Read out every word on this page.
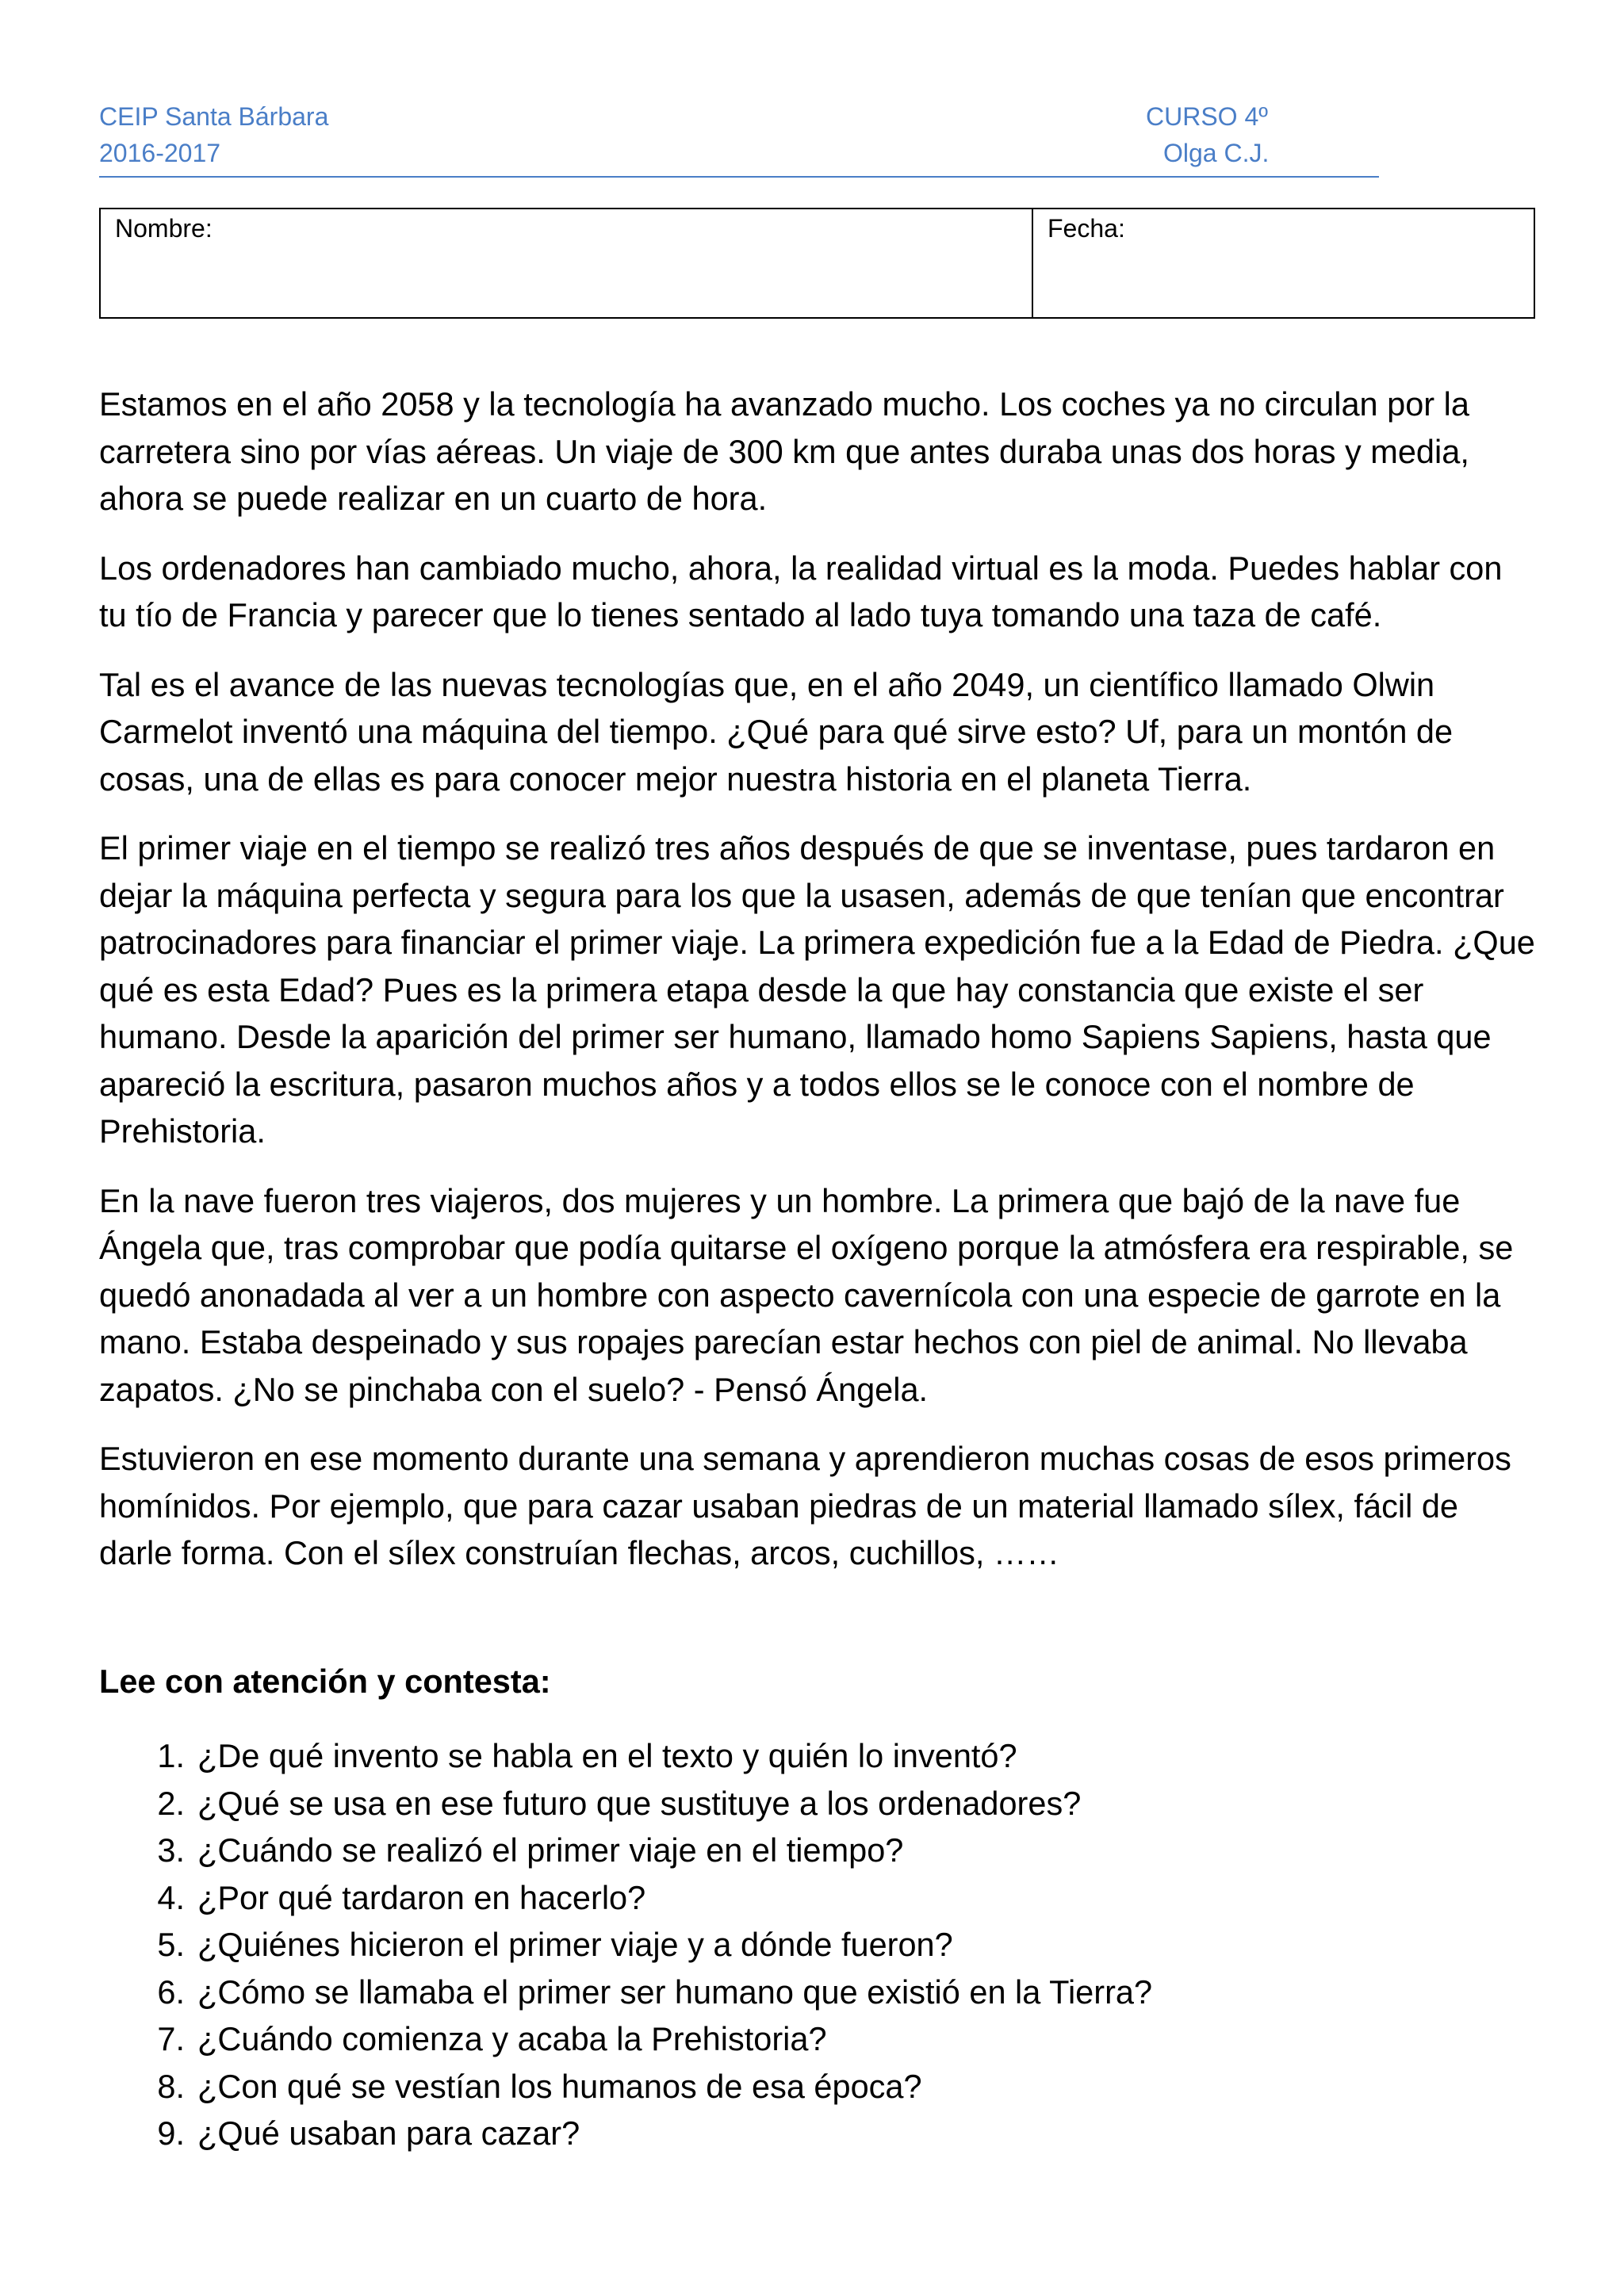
CEIP Santa Bárbara
2016-2017
CURSO 4º
Olga C.J.
Nombre:	Fecha:

Estamos en el año 2058 y la tecnología ha avanzado mucho. Los coches ya no circulan por la carretera sino por vías aéreas. Un viaje de 300 km que antes duraba unas dos horas y media, ahora se puede realizar en un cuarto de hora.

Los ordenadores han cambiado mucho, ahora, la realidad virtual es la moda. Puedes hablar con tu tío de Francia y parecer que lo tienes sentado al lado tuya tomando una taza de café.

Tal es el avance de las nuevas tecnologías que, en el año 2049, un científico llamado Olwin Carmelot inventó una máquina del tiempo. ¿Qué para qué sirve esto? Uf, para un montón de cosas, una de ellas es para conocer mejor nuestra historia en el planeta Tierra.

El primer viaje en el tiempo se realizó tres años después de que se inventase, pues tardaron en dejar la máquina perfecta y segura para los que la usasen, además de que tenían que encontrar patrocinadores para financiar el primer viaje. La primera expedición fue a la Edad de Piedra. ¿Que qué es esta Edad? Pues es la primera etapa desde la que hay constancia que existe el ser humano. Desde la aparición del primer ser humano, llamado homo Sapiens Sapiens, hasta que apareció la escritura, pasaron muchos años y a todos ellos se le conoce con el nombre de Prehistoria.

En la nave fueron tres viajeros, dos mujeres y un hombre. La primera que bajó de la nave fue Ángela que, tras comprobar que podía quitarse el oxígeno porque la atmósfera era respirable, se quedó anonadada al ver a un hombre con aspecto cavernícola con una especie de garrote en la mano. Estaba despeinado y sus ropajes parecían estar hechos con piel de animal. No llevaba zapatos. ¿No se pinchaba con el suelo? - Pensó Ángela.

Estuvieron en ese momento durante una semana y aprendieron muchas cosas de esos primeros homínidos. Por ejemplo, que para cazar usaban piedras de un material llamado sílex, fácil de darle forma. Con el sílex construían flechas, arcos, cuchillos, ……

Lee con atención y contesta:
1. ¿De qué invento se habla en el texto y quién lo inventó?
2. ¿Qué se usa en ese futuro que sustituye a los ordenadores?
3. ¿Cuándo se realizó el primer viaje en el tiempo?
4. ¿Por qué tardaron en hacerlo?
5. ¿Quiénes hicieron el primer viaje y a dónde fueron?
6. ¿Cómo se llamaba el primer ser humano que existió en la Tierra?
7. ¿Cuándo comienza y acaba la Prehistoria?
8. ¿Con qué se vestían los humanos de esa época?
9. ¿Qué usaban para cazar?
